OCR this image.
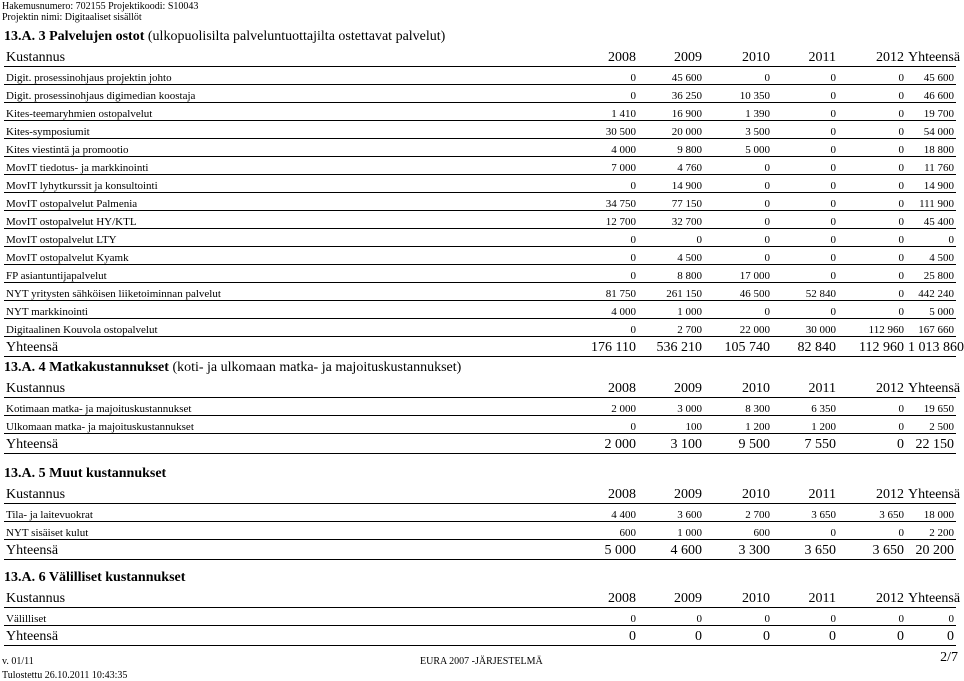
Hakemusnumero: 702155 Projektikoodi: S10043
Projektin nimi: Digitaaliset sisällöt
13.A. 3 Palvelujen ostot (ulkopuolisilta palveluntuottajilta ostettavat palvelut)
Kustannus	2008	2009	2010	2011	2012	Yhteensä
Digit. prosessinohjaus projektin johto	0	45 600	0	0	0	45 600
Digit. prosessinohjaus digimedian koostaja	0	36 250	10 350	0	0	46 600
Kites-teemaryhmien ostopalvelut	1 410	16 900	1 390	0	0	19 700
Kites-symposiumit	30 500	20 000	3 500	0	0	54 000
Kites viestintä ja promootio	4 000	9 800	5 000	0	0	18 800
MovIT tiedotus- ja markkinointi	7 000	4 760	0	0	0	11 760
MovIT lyhytkurssit ja konsultointi	0	14 900	0	0	0	14 900
MovIT ostopalvelut Palmenia	34 750	77 150	0	0	0	111 900
MovIT ostopalvelut HY/KTL	12 700	32 700	0	0	0	45 400
MovIT ostopalvelut LTY	0	0	0	0	0	0
MovIT ostopalvelut Kyamk	0	4 500	0	0	0	4 500
FP asiantuntijapalvelut	0	8 800	17 000	0	0	25 800
NYT yritysten sähköisen liiketoiminnan palvelut	81 750	261 150	46 500	52 840	0	442 240
NYT markkinointi	4 000	1 000	0	0	0	5 000
Digitaalinen Kouvola ostopalvelut	0	2 700	22 000	30 000	112 960	167 660
Yhteensä	176 110	536 210	105 740	82 840	112 960	1 013 860
13.A. 4 Matkakustannukset (koti- ja ulkomaan matka- ja majoituskustannukset)
Kustannus	2008	2009	2010	2011	2012	Yhteensä
Kotimaan matka- ja majoituskustannukset	2 000	3 000	8 300	6 350	0	19 650
Ulkomaan matka- ja majoituskustannukset	0	100	1 200	1 200	0	2 500
Yhteensä	2 000	3 100	9 500	7 550	0	22 150
13.A. 5 Muut kustannukset
Kustannus	2008	2009	2010	2011	2012	Yhteensä
Tila- ja laitevuokrat	4 400	3 600	2 700	3 650	3 650	18 000
NYT sisäiset kulut	600	1 000	600	0	0	2 200
Yhteensä	5 000	4 600	3 300	3 650	3 650	20 200
13.A. 6 Välilliset kustannukset
Kustannus	2008	2009	2010	2011	2012	Yhteensä
Välilliset	0	0	0	0	0	0
Yhteensä	0	0	0	0	0	0
v. 01/11	EURA 2007 -JÄRJESTELMÄ	2/7
Tulostettu 26.10.2011 10:43:35
